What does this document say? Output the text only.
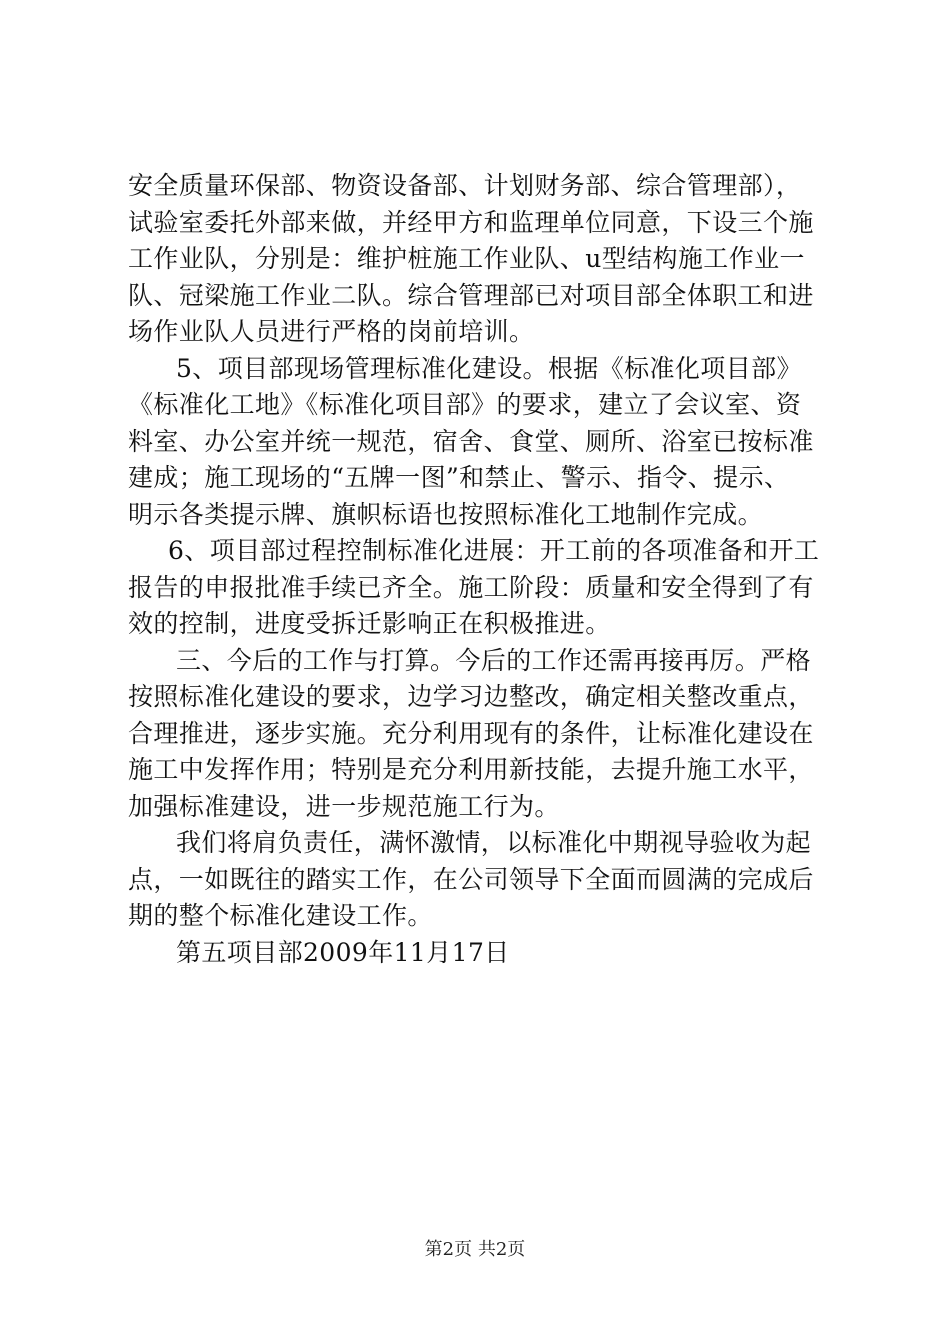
安全质量环保部、物资设备部、计划财务部、综合管理部），
试验室委托外部来做，并经甲方和监理单位同意，下设三个施
工作业队，分别是：维护桩施工作业队、u型结构施工作业一
队、冠梁施工作业二队。综合管理部已对项目部全体职工和进
场作业队人员进行严格的岗前培训。
5、项目部现场管理标准化建设。根据《标准化项目部》
《标准化工地》《标准化项目部》的要求，建立了会议室、资
料室、办公室并统一规范，宿舍、食堂、厕所、浴室已按标准
建成；施工现场的“五牌一图”和禁止、警示、指令、提示、
明示各类提示牌、旗帜标语也按照标准化工地制作完成。
6、项目部过程控制标准化进展：开工前的各项准备和开工
报告的申报批准手续已齐全。施工阶段：质量和安全得到了有
效的控制，进度受拆迁影响正在积极推进。
三、今后的工作与打算。今后的工作还需再接再厉。严格
按照标准化建设的要求，边学习边整改，确定相关整改重点，
合理推进，逐步实施。充分利用现有的条件，让标准化建设在
施工中发挥作用；特别是充分利用新技能，去提升施工水平，
加强标准建设，进一步规范施工行为。
我们将肩负责任，满怀激情，以标准化中期视导验收为起
点，一如既往的踏实工作，在公司领导下全面而圆满的完成后
期的整个标准化建设工作。
第五项目部2009年11月17日
第2页 共2页
